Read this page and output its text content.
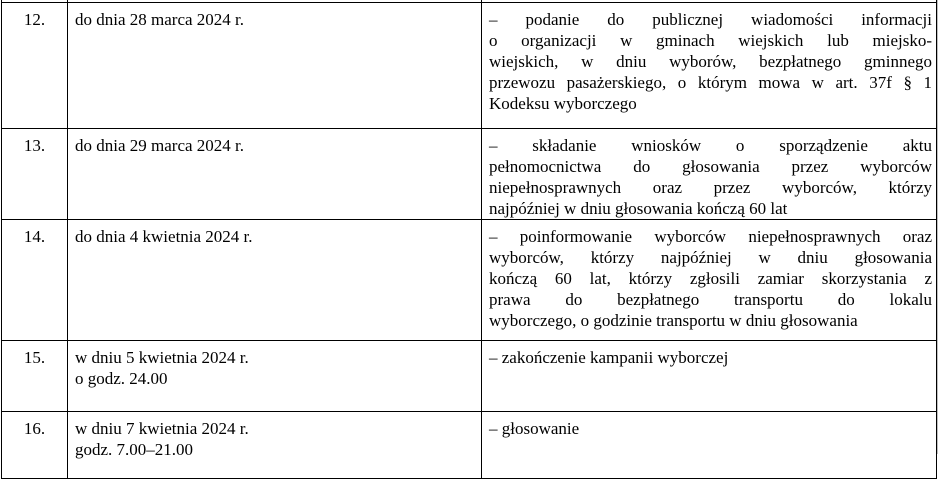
12.	do dnia 28 marca 2024 r.	– podanie do publicznej wiadomości informacji
o organizacji w gminach wiejskich lub miejsko-
wiejskich, w dniu wyborów, bezpłatnego gminnego
przewozu pasażerskiego, o którym mowa w art. 37f § 1
Kodeksu wyborczego

13.	do dnia 29 marca 2024 r.	– składanie wniosków o sporządzenie aktu
pełnomocnictwa do głosowania przez wyborców
niepełnosprawnych oraz przez wyborców, którzy
najpóźniej w dniu głosowania kończą 60 lat

14.	do dnia 4 kwietnia 2024 r.	– poinformowanie wyborców niepełnosprawnych oraz
wyborców, którzy najpóźniej w dniu głosowania
kończą 60 lat, którzy zgłosili zamiar skorzystania z
prawa do bezpłatnego transportu do lokalu
wyborczego, o godzinie transportu w dniu głosowania

15.	w dniu 5 kwietnia 2024 r.
o godz. 24.00	– zakończenie kampanii wyborczej

16.	w dniu 7 kwietnia 2024 r.
godz. 7.00–21.00	– głosowanie
